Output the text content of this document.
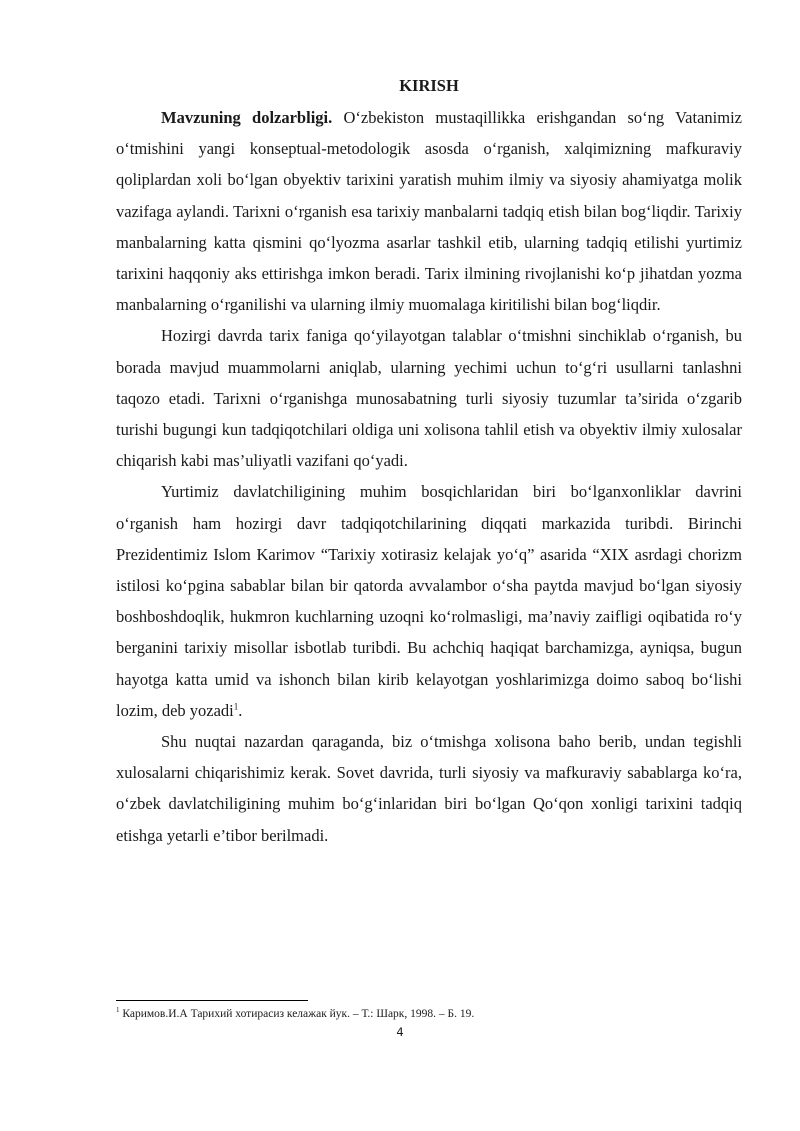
KIRISH

Mavzuning dolzarbligi. O‘zbekiston mustaqillikka erishgandan so‘ng Vatanimiz o‘tmishini yangi konseptual-metodologik asosda o‘rganish, xalqimizning mafkuraviy qoliplardan xoli bo‘lgan obyektiv tarixini yaratish muhim ilmiy va siyosiy ahamiyatga molik vazifaga aylandi. Tarixni o‘rganish esa tarixiy manbalarni tadqiq etish bilan bog‘liqdir. Tarixiy manbalarning katta qismini qo‘lyozma asarlar tashkil etib, ularning tadqiq etilishi yurtimiz tarixini haqqoniy aks ettirishga imkon beradi. Tarix ilmining rivojlanishi ko‘p jihatdan yozma manbalarning o‘rganilishi va ularning ilmiy muomalaga kiritilishi bilan bog‘liqdir.

Hozirgi davrda tarix faniga qo‘yilayotgan talablar o‘tmishni sinchiklab o‘rganish, bu borada mavjud muammolarni aniqlab, ularning yechimi uchun to‘g‘ri usullarni tanlashni taqozo etadi. Tarixni o‘rganishga munosabatning turli siyosiy tuzumlar ta’sirida o‘zgarib turishi bugungi kun tadqiqotchilari oldiga uni xolisona tahlil etish va obyektiv ilmiy xulosalar chiqarish kabi mas’uliyatli vazifani qo‘yadi.

Yurtimiz davlatchiligining muhim bosqichlaridan biri bo‘lganxonliklar davrini o‘rganish ham hozirgi davr tadqiqotchilarining diqqati markazida turibdi. Birinchi Prezidentimiz Islom Karimov “Tarixiy xotirasiz kelajak yo‘q” asarida “XIX asrdagi chorizm istilosi ko‘pgina sabablar bilan bir qatorda avvalambor o‘sha paytda mavjud bo‘lgan siyosiy boshboshdoqlik, hukmron kuchlarning uzoqni ko‘rolmasligi, ma’naviy zaifligi oqibatida ro‘y berganini tarixiy misollar isbotlab turibdi. Bu achchiq haqiqat barchamizga, ayniqsa, bugun hayotga katta umid va ishonch bilan kirib kelayotgan yoshlarimizga doimo saboq bo‘lishi lozim, deb yozadi$^1$.

Shu nuqtai nazardan qaraganda, biz o‘tmishga xolisona baho berib, undan tegishli xulosalarni chiqarishimiz kerak. Sovet davrida, turli siyosiy va mafkuraviy sabablarga ko‘ra, o‘zbek davlatchiligining muhim bo‘g‘inlaridan biri bo‘lgan Qo‘qon xonligi tarixini tadqiq etishga yetarli e’tibor berilmadi.

$^1$ Каримов.И.А Тарихий хотирасиз келажак йук. – Т.: Шарк, 1998. – Б. 19.
4
